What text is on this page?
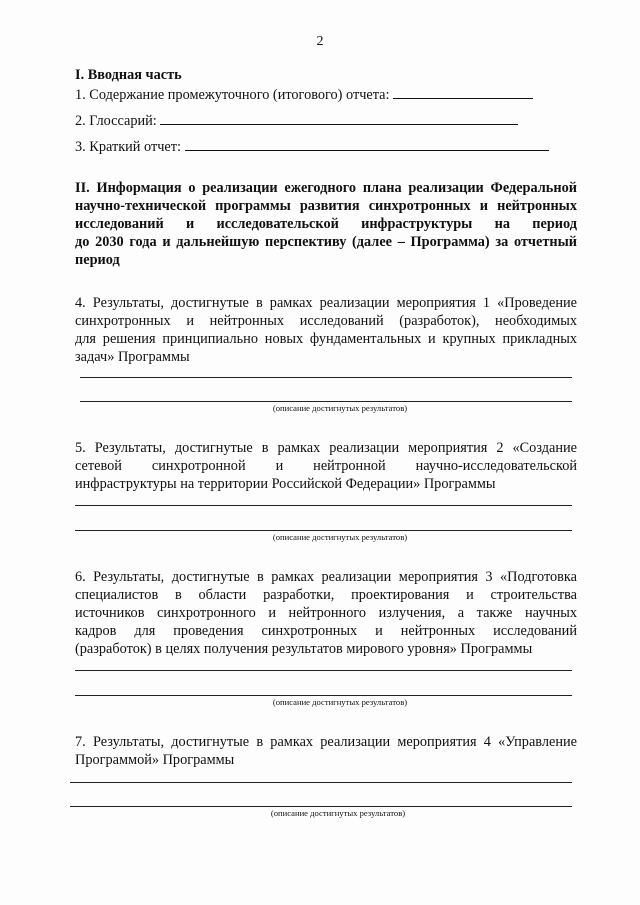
2
I. Вводная часть
1. Содержание промежуточного (итогового) отчета:
2. Глоссарий:
3. Краткий отчет:
II. Информация о реализации ежегодного плана реализации Федеральной
научно-технической программы развития синхротронных и нейтронных
исследований и исследовательской инфраструктуры на период
до 2030 года и дальнейшую перспективу (далее – Программа) за отчетный
период
4. Результаты, достигнутые в рамках реализации мероприятия 1 «Проведение
синхротронных и нейтронных исследований (разработок), необходимых
для решения принципиально новых фундаментальных и крупных прикладных
задач» Программы
(описание достигнутых результатов)
5. Результаты, достигнутые в рамках реализации мероприятия 2 «Создание
сетевой синхротронной и нейтронной научно-исследовательской
инфраструктуры на территории Российской Федерации» Программы
(описание достигнутых результатов)
6. Результаты, достигнутые в рамках реализации мероприятия 3 «Подготовка
специалистов в области разработки, проектирования и строительства
источников синхротронного и нейтронного излучения, а также научных
кадров для проведения синхротронных и нейтронных исследований
(разработок) в целях получения результатов мирового уровня» Программы
(описание достигнутых результатов)
7. Результаты, достигнутые в рамках реализации мероприятия 4 «Управление
Программой» Программы
(описание достигнутых результатов)
